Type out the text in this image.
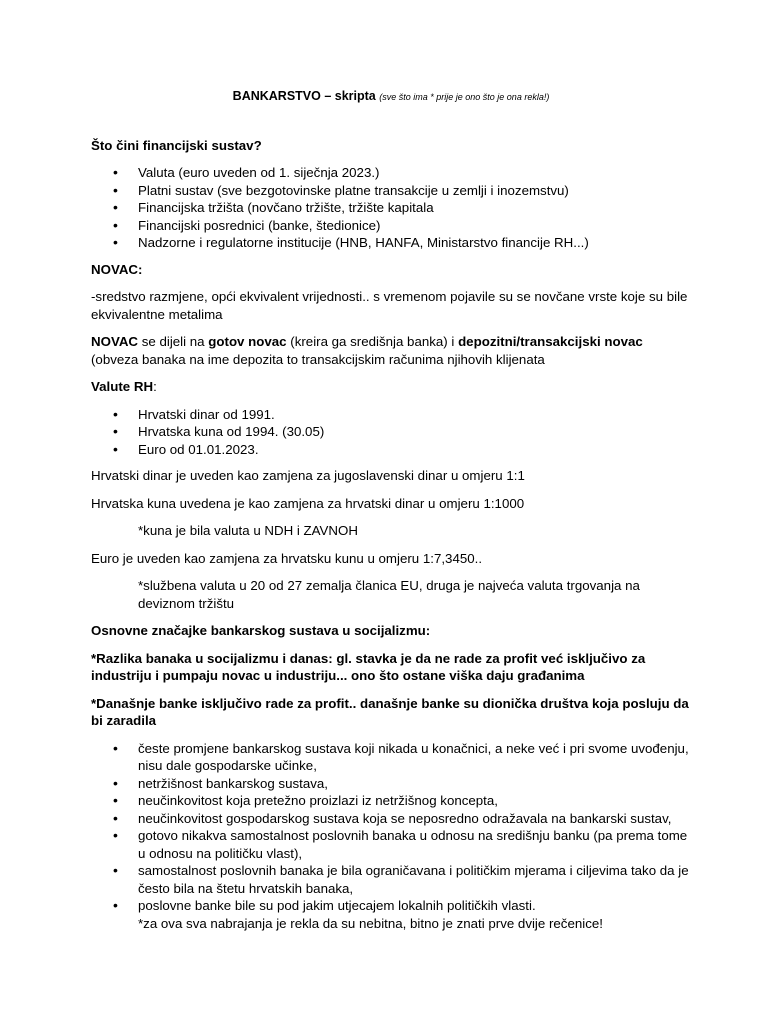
BANKARSTVO – skripta (sve što ima * prije je ono što je ona rekla!)

Što čini financijski sustav?

• Valuta (euro uveden od 1. siječnja 2023.)
• Platni sustav (sve bezgotovinske platne transakcije u zemlji i inozemstvu)
• Financijska tržišta (novčano tržište, tržište kapitala
• Financijski posrednici (banke, štedionice)
• Nadzorne i regulatorne institucije (HNB, HANFA, Ministarstvo financije RH...)

NOVAC:

-sredstvo razmjene, opći ekvivalent vrijednosti.. s vremenom pojavile su se novčane vrste koje su bile ekvivalentne metalima

NOVAC se dijeli na gotov novac (kreira ga središnja banka) i depozitni/transakcijski novac (obveza banaka na ime depozita to transakcijskim računima njihovih klijenata

Valute RH:

• Hrvatski dinar od 1991.
• Hrvatska kuna od 1994. (30.05)
• Euro od 01.01.2023.

Hrvatski dinar je uveden kao zamjena za jugoslavenski dinar u omjeru 1:1

Hrvatska kuna uvedena je kao zamjena za hrvatski dinar u omjeru 1:1000

*kuna je bila valuta u NDH i ZAVNOH

Euro je uveden kao zamjena za hrvatsku kunu u omjeru 1:7,3450..

*službena valuta u 20 od 27 zemalja članica EU, druga je najveća valuta trgovanja na deviznom tržištu

Osnovne značajke bankarskog sustava u socijalizmu:

*Razlika banaka u socijalizmu i danas: gl. stavka je da ne rade za profit već isključivo za industriju i pumpaju novac u industriju... ono što ostane viška daju građanima

*Današnje banke isključivo rade za profit.. današnje banke su dionička društva koja posluju da bi zaradila

• česte promjene bankarskog sustava koji nikada u konačnici, a neke već i pri svome uvođenju, nisu dale gospodarske učinke,
• netržišnost bankarskog sustava,
• neučinkovitost koja pretežno proizlazi iz netržišnog koncepta,
• neučinkovitost gospodarskog sustava koja se neposredno odražavala na bankarski sustav,
• gotovo nikakva samostalnost poslovnih banaka u odnosu na središnju banku (pa prema tome u odnosu na političku vlast),
• samostalnost poslovnih banaka je bila ograničavana i političkim mjerama i ciljevima tako da je često bila na štetu hrvatskih banaka,
• poslovne banke bile su pod jakim utjecajem lokalnih političkih vlasti.
*za ova sva nabrajanja je rekla da su nebitna, bitno je znati prve dvije rečenice!
